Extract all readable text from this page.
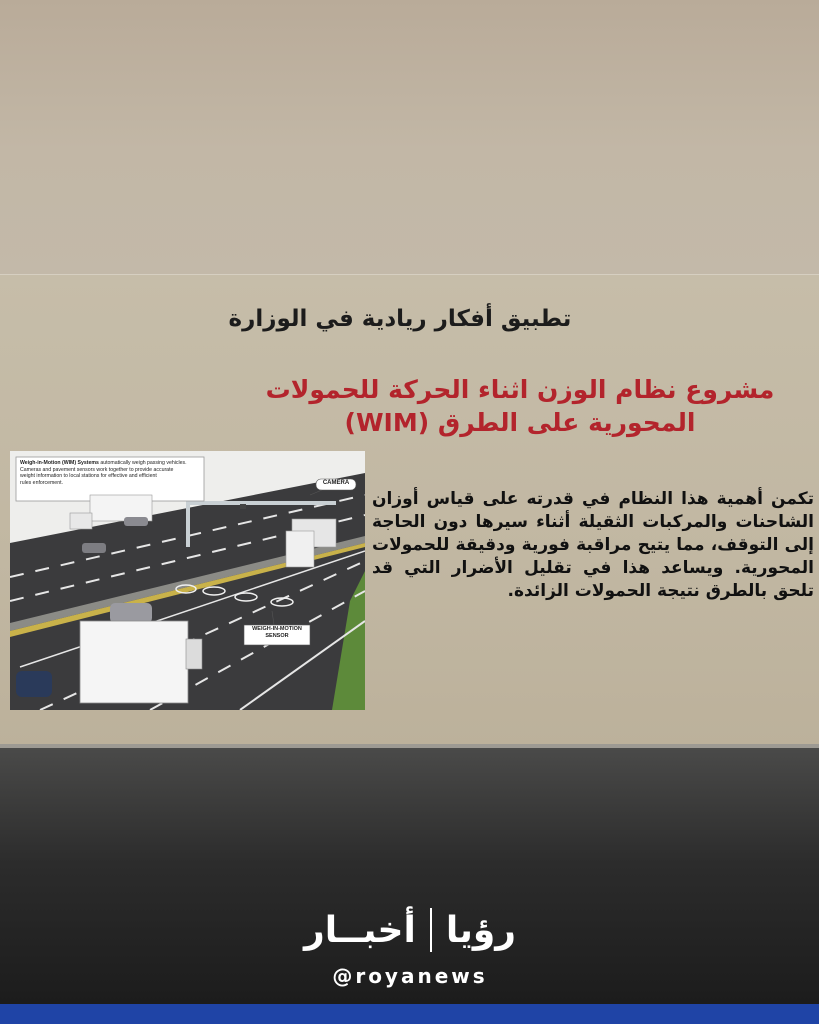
تطبيق أفكار ريادية في الوزارة
مشروع نظام الوزن اثناء الحركة للحمولات
المحورية على الطرق (WIM)
Weigh-in-Motion (WIM) Systems automatically weigh passing vehicles.
Cameras and pavement sensors work together to provide accurate
weight information to local stations for effective and efficient
rules enforcement.	CAMERA
WEIGH-IN-MOTION
SENSOR
تكمن أهمية هذا النظام في قدرته على قياس أوزان الشاحنات والمركبات الثقيلة أثناء سيرها دون الحاجة إلى التوقف، مما يتيح مراقبة فورية ودقيقة للحمولات المحورية. ويساعد هذا في تقليل الأضرار التي قد تلحق بالطرق نتيجة الحمولات الزائدة.
رؤيا
أخبــار
@royanews
